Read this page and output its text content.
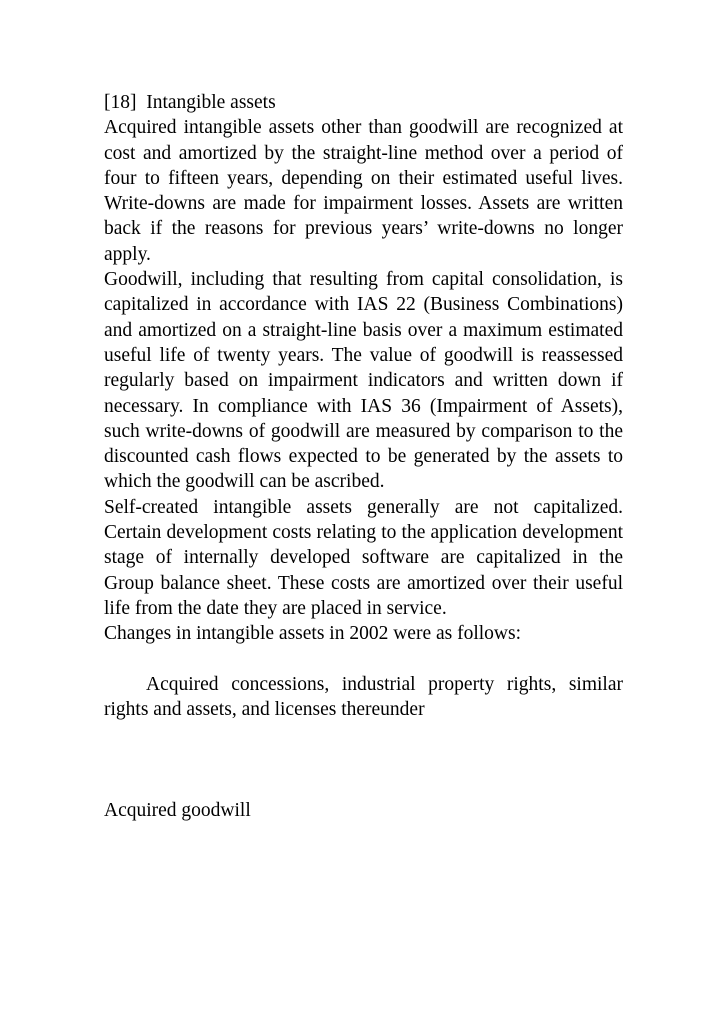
[18]  Intangible assets

Acquired intangible assets other than goodwill are recognized at cost and amortized by the straight-line method over a period of four to fifteen years, depending on their estimated useful lives. Write-downs are made for impairment losses. Assets are written back if the reasons for previous years’ write-downs no longer apply.

Goodwill, including that resulting from capital consolidation, is capitalized in accordance with IAS 22 (Business Combinations) and amortized on a straight-line basis over a maximum estimated useful life of twenty years. The value of goodwill is reassessed regularly based on impairment indicators and written down if necessary. In compliance with IAS 36 (Impairment of Assets), such write-downs of goodwill are measured by comparison to the discounted cash flows expected to be generated by the assets to which the goodwill can be ascribed.

Self-created intangible assets generally are not capitalized. Certain development costs relating to the application development stage of internally developed software are capitalized in the Group balance sheet. These costs are amortized over their useful life from the date they are placed in service.

Changes in intangible assets in 2002 were as follows:

Acquired concessions, industrial property rights, similar rights and assets, and licenses thereunder

Acquired goodwill
